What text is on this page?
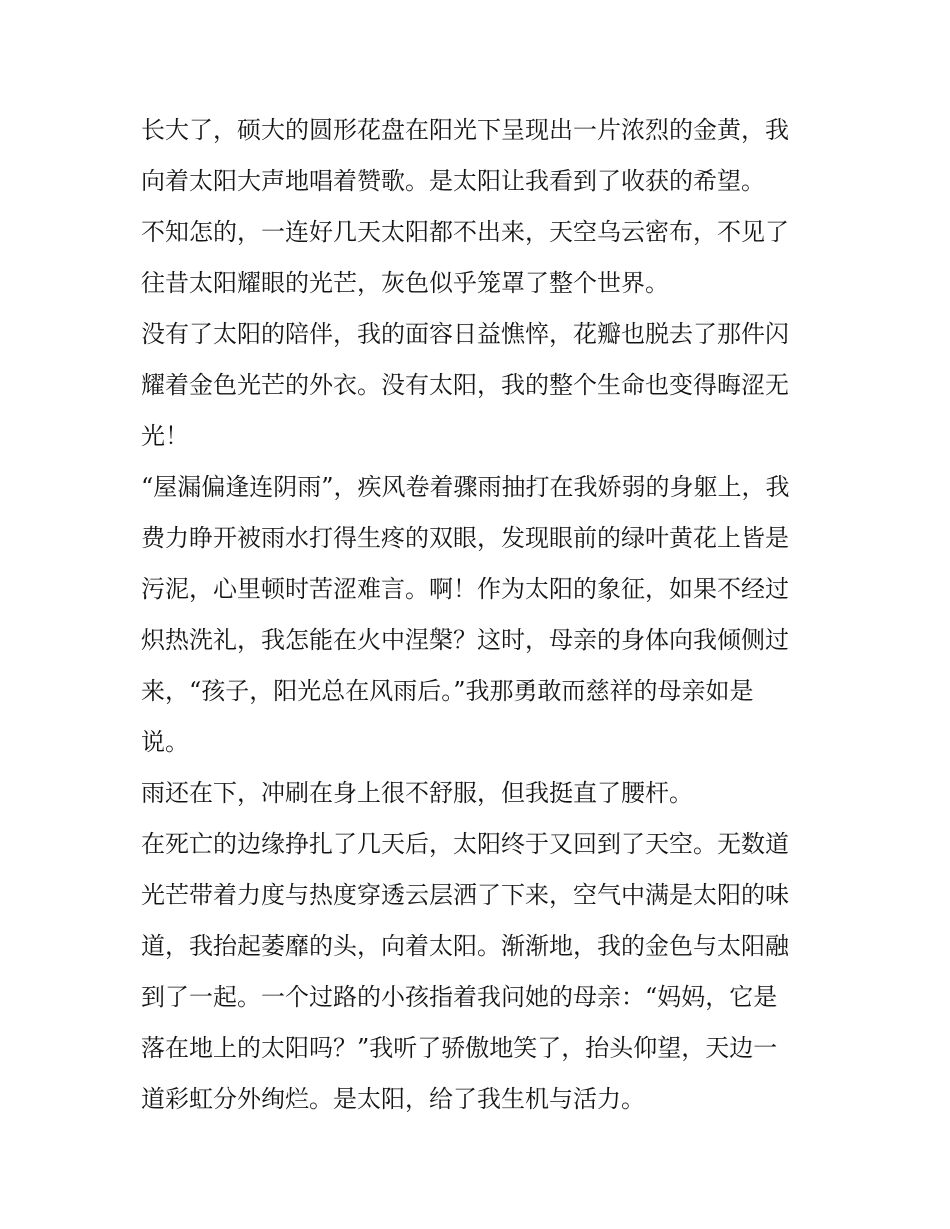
长大了，硕大的圆形花盘在阳光下呈现出一片浓烈的金黄，我
向着太阳大声地唱着赞歌。是太阳让我看到了收获的希望。

不知怎的，一连好几天太阳都不出来，天空乌云密布，不见了
往昔太阳耀眼的光芒，灰色似乎笼罩了整个世界。

没有了太阳的陪伴，我的面容日益憔悴，花瓣也脱去了那件闪
耀着金色光芒的外衣。没有太阳，我的整个生命也变得晦涩无
光！

“屋漏偏逢连阴雨”，疾风卷着骤雨抽打在我娇弱的身躯上，我
费力睁开被雨水打得生疼的双眼，发现眼前的绿叶黄花上皆是
污泥，心里顿时苦涩难言。啊！作为太阳的象征，如果不经过
炽热洗礼，我怎能在火中涅槃？这时，母亲的身体向我倾侧过
来，“孩子，阳光总在风雨后。”我那勇敢而慈祥的母亲如是
说。

雨还在下，冲刷在身上很不舒服，但我挺直了腰杆。

在死亡的边缘挣扎了几天后，太阳终于又回到了天空。无数道
光芒带着力度与热度穿透云层洒了下来，空气中满是太阳的味
道，我抬起萎靡的头，向着太阳。渐渐地，我的金色与太阳融
到了一起。一个过路的小孩指着我问她的母亲：“妈妈，它是
落在地上的太阳吗？”我听了骄傲地笑了，抬头仰望，天边一
道彩虹分外绚烂。是太阳，给了我生机与活力。
